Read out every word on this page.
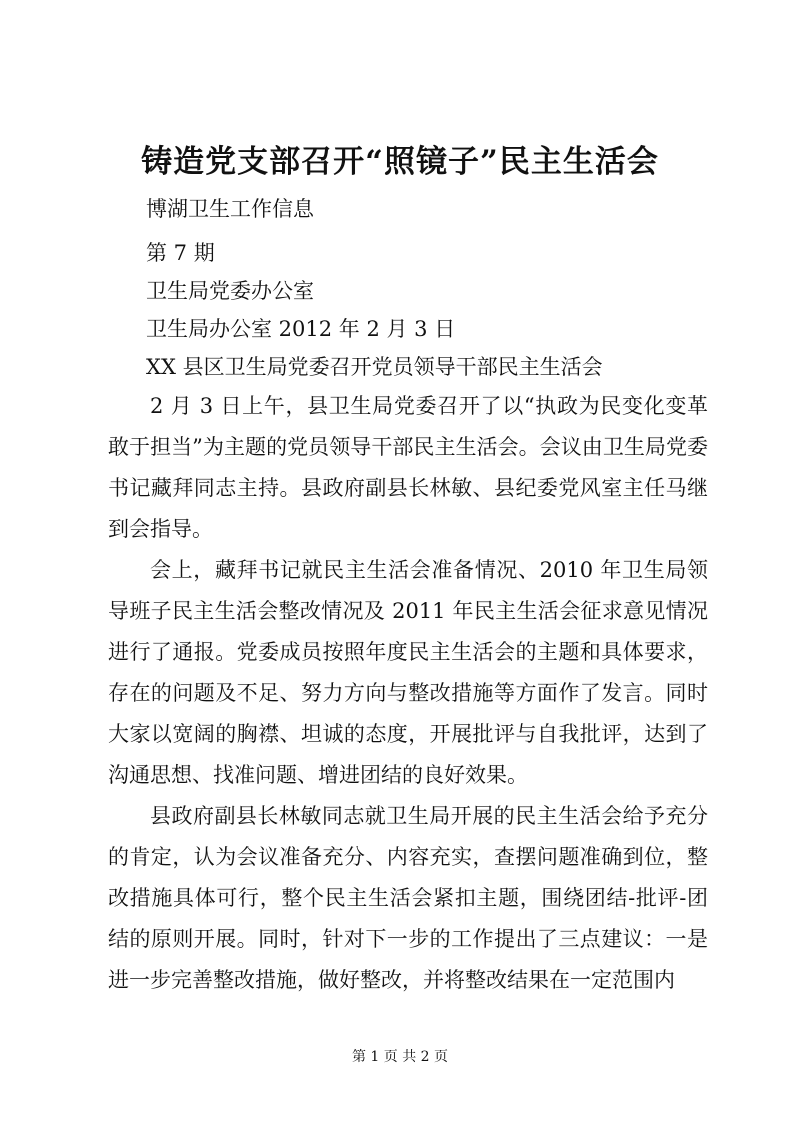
铸造党支部召开“照镜子”民主生活会
博湖卫生工作信息
第 7 期
卫生局党委办公室
卫生局办公室 2012 年 2 月 3 日
XX 县区卫生局党委召开党员领导干部民主生活会

2 月 3 日上午，县卫生局党委召开了以“执政为民变化变革敢于担当”为主题的党员领导干部民主生活会。会议由卫生局党委书记藏拜同志主持。县政府副县长林敏、县纪委党风室主任马继到会指导。

会上，藏拜书记就民主生活会准备情况、2010 年卫生局领导班子民主生活会整改情况及 2011 年民主生活会征求意见情况进行了通报。党委成员按照年度民主生活会的主题和具体要求，存在的问题及不足、努力方向与整改措施等方面作了发言。同时大家以宽阔的胸襟、坦诚的态度，开展批评与自我批评，达到了沟通思想、找准问题、增进团结的良好效果。

县政府副县长林敏同志就卫生局开展的民主生活会给予充分的肯定，认为会议准备充分、内容充实，查摆问题准确到位，整改措施具体可行，整个民主生活会紧扣主题，围绕团结-批评-团结的原则开展。同时，针对下一步的工作提出了三点建议：一是进一步完善整改措施，做好整改，并将整改结果在一定范围内

第 1 页 共 2 页
